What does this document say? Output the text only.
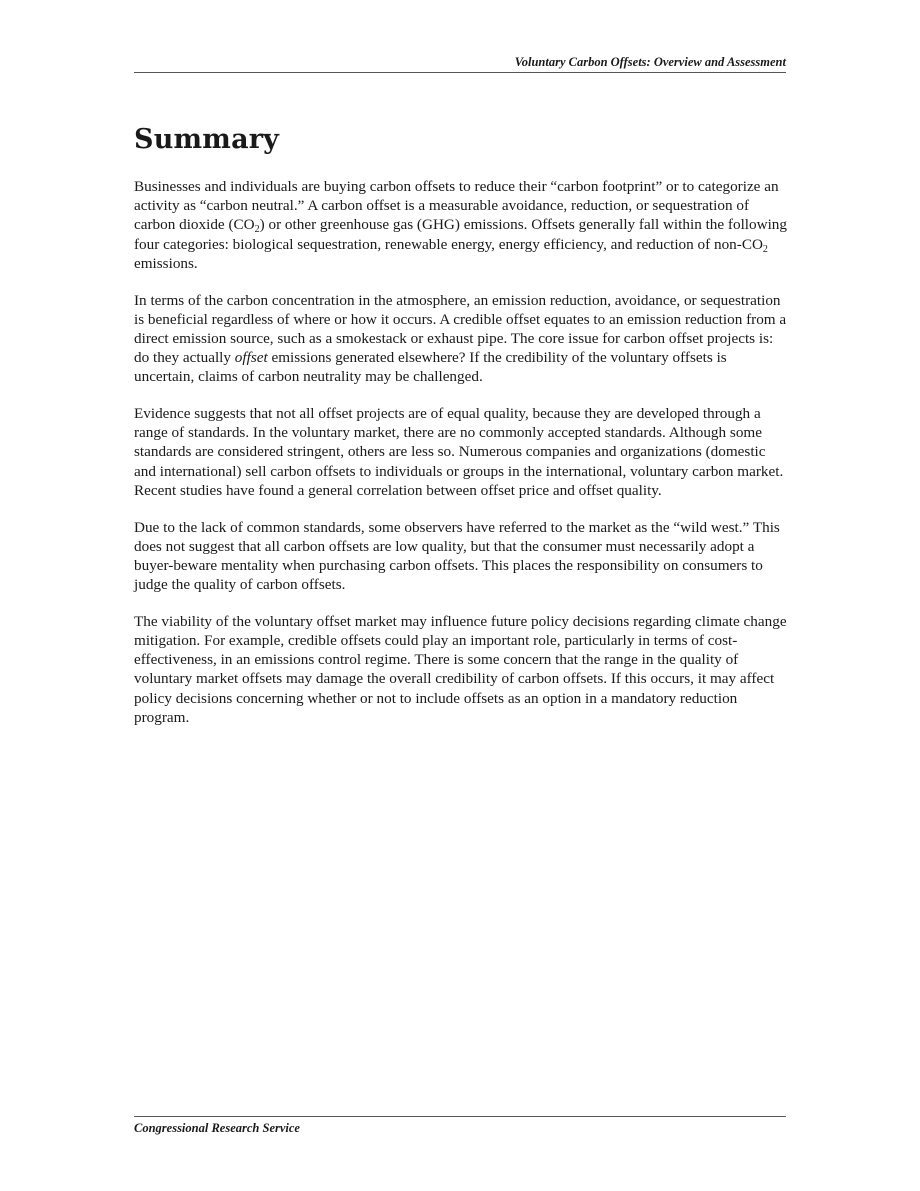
Voluntary Carbon Offsets: Overview and Assessment
Summary

Businesses and individuals are buying carbon offsets to reduce their “carbon footprint” or to categorize an activity as “carbon neutral.” A carbon offset is a measurable avoidance, reduction, or sequestration of carbon dioxide $(CO_2)$ or other greenhouse gas (GHG) emissions. Offsets generally fall within the following four categories: biological sequestration, renewable energy, energy efficiency, and reduction of non-$CO_2$ emissions.

In terms of the carbon concentration in the atmosphere, an emission reduction, avoidance, or sequestration is beneficial regardless of where or how it occurs. A credible offset equates to an emission reduction from a direct emission source, such as a smokestack or exhaust pipe. The core issue for carbon offset projects is: do they actually offset emissions generated elsewhere? If the credibility of the voluntary offsets is uncertain, claims of carbon neutrality may be challenged.

Evidence suggests that not all offset projects are of equal quality, because they are developed through a range of standards. In the voluntary market, there are no commonly accepted standards. Although some standards are considered stringent, others are less so. Numerous companies and organizations (domestic and international) sell carbon offsets to individuals or groups in the international, voluntary carbon market. Recent studies have found a general correlation between offset price and offset quality.

Due to the lack of common standards, some observers have referred to the market as the “wild west.” This does not suggest that all carbon offsets are low quality, but that the consumer must necessarily adopt a buyer-beware mentality when purchasing carbon offsets. This places the responsibility on consumers to judge the quality of carbon offsets.

The viability of the voluntary offset market may influence future policy decisions regarding climate change mitigation. For example, credible offsets could play an important role, particularly in terms of cost-effectiveness, in an emissions control regime. There is some concern that the range in the quality of voluntary market offsets may damage the overall credibility of carbon offsets. If this occurs, it may affect policy decisions concerning whether or not to include offsets as an option in a mandatory reduction program.

Congressional Research Service
